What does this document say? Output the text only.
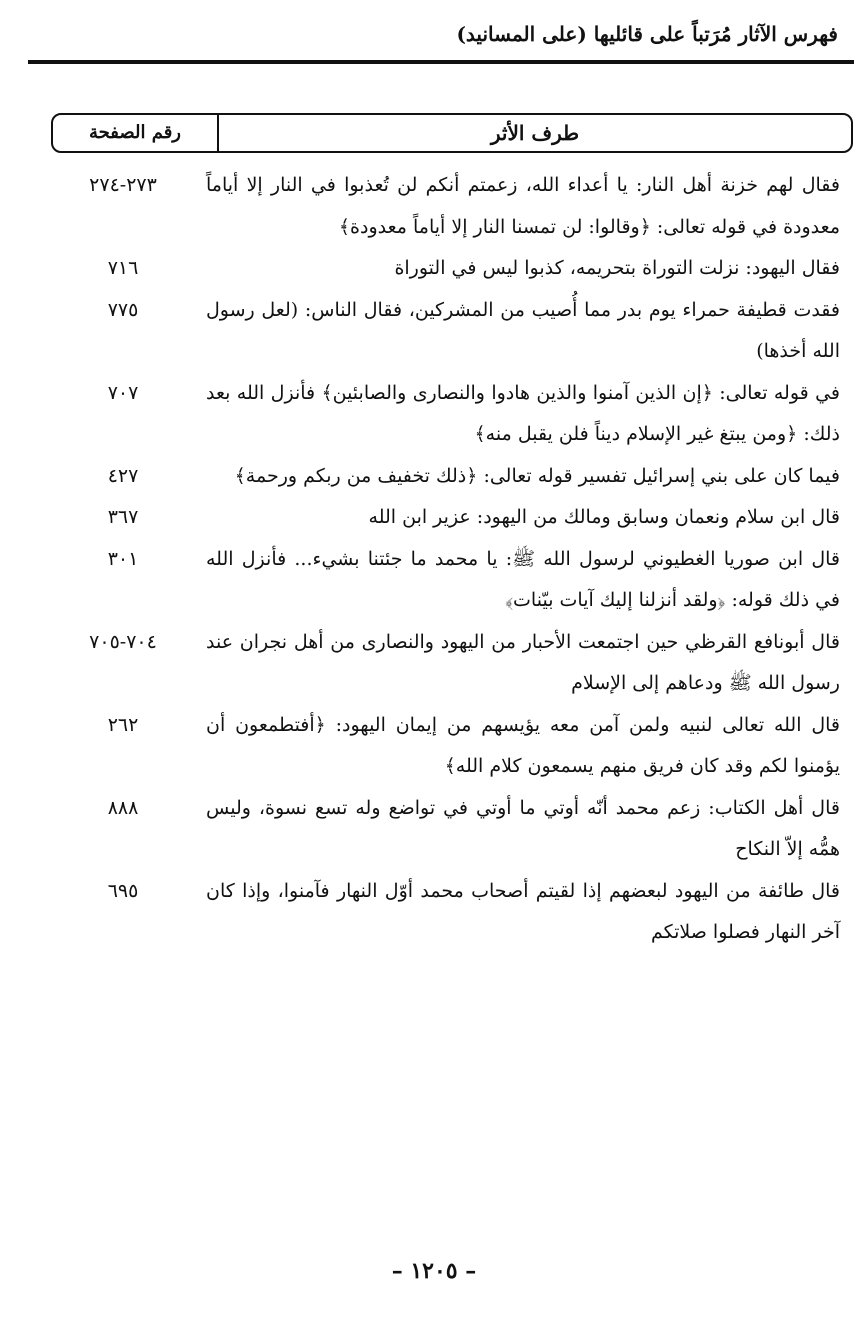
فهرس الآثار مُرَتباً على قائليها (على المسانيد)
طرف الأثر
رقم الصفحة
فقال لهم خزنة أهل النار: يا أعداء الله، زعمتم أنكم لن تُعذبوا في النار إلا أياماً معدودة في قوله تعالى: ﴿وقالوا: لن تمسنا النار إلا أياماً معدودة﴾
٢٧٣-٢٧٤
فقال اليهود: نزلت التوراة بتحريمه، كذبوا ليس في التوراة
٧١٦
فقدت قطيفة حمراء يوم بدر مما أُصيب من المشركين، فقال الناس: (لعل رسول الله أخذها)
٧٧٥
في قوله تعالى: ﴿إن الذين آمنوا والذين هادوا والنصارى والصابئين﴾ فأنزل الله بعد ذلك: ﴿ومن يبتغ غير الإسلام ديناً فلن يقبل منه﴾
٧٠٧
فيما كان على بني إسرائيل تفسير قوله تعالى: ﴿ذلك تخفيف من ربكم ورحمة﴾
٤٢٧
قال ابن سلام ونعمان وسابق ومالك من اليهود: عزير ابن الله
٣٦٧
قال ابن صوريا الغطيوني لرسول الله ﷺ: يا محمد ما جئتنا بشيء... فأنزل الله في ذلك قوله: ﴿ولقد أنزلنا إليك آيات بيّنات﴾
٣٠١
قال أبونافع القرظي حين اجتمعت الأحبار من اليهود والنصارى من أهل نجران عند رسول الله ﷺ ودعاهم إلى الإسلام
٧٠٤-٧٠٥
قال الله تعالى لنبيه ولمن آمن معه يؤيسهم من إيمان اليهود: ﴿أفتطمعون أن يؤمنوا لكم وقد كان فريق منهم يسمعون كلام الله﴾
٢٦٢
قال أهل الكتاب: زعم محمد أنّه أوتي ما أوتي في تواضع وله تسع نسوة، وليس همُّه إلاّ النكاح
٨٨٨
قال طائفة من اليهود لبعضهم إذا لقيتم أصحاب محمد أوّل النهار فآمنوا، وإذا كان آخر النهار فصلوا صلاتكم
٦٩٥
– ١٢٠٥ –
